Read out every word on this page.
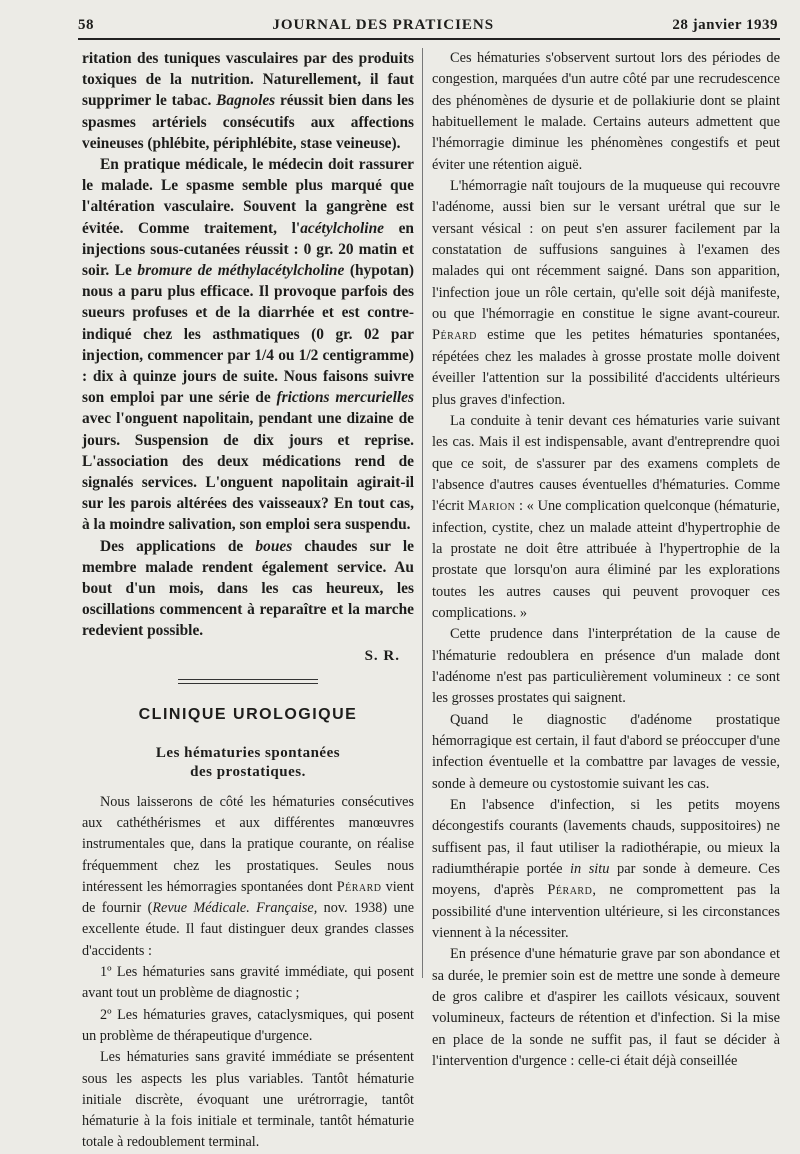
58	JOURNAL DES PRATICIENS	28 janvier 1939

ritation des tuniques vasculaires par des produits toxiques de la nutrition. Naturellement, il faut supprimer le tabac. Bagnoles réussit bien dans les spasmes artériels consécutifs aux affections veineuses (phlébite, périphlébite, stase veineuse).

En pratique médicale, le médecin doit rassurer le malade. Le spasme semble plus marqué que l'altération vasculaire. Souvent la gangrène est évitée. Comme traitement, l'acétylcholine en injections sous-cutanées réussit : 0 gr. 20 matin et soir. Le bromure de méthylacétylcholine (hypotan) nous a paru plus efficace. Il provoque parfois des sueurs profuses et de la diarrhée et est contre-indiqué chez les asthmatiques (0 gr. 02 par injection, commencer par 1/4 ou 1/2 centigramme) : dix à quinze jours de suite. Nous faisons suivre son emploi par une série de frictions mercurielles avec l'onguent napolitain, pendant une dizaine de jours. Suspension de dix jours et reprise. L'association des deux médications rend de signalés services. L'onguent napolitain agirait-il sur les parois altérées des vaisseaux? En tout cas, à la moindre salivation, son emploi sera suspendu.

Des applications de boues chaudes sur le membre malade rendent également service. Au bout d'un mois, dans les cas heureux, les oscillations commencent à reparaître et la marche redevient possible.

S. R.
CLINIQUE UROLOGIQUE
Les hématuries spontanées
des prostatiques.

Nous laisserons de côté les hématuries consécutives aux cathéthérismes et aux différentes manœuvres instrumentales que, dans la pratique courante, on réalise fréquemment chez les prostatiques. Seules nous intéressent les hémorragies spontanées dont Pérard vient de fournir (Revue Médicale. Française, nov. 1938) une excellente étude. Il faut distinguer deux grandes classes d'accidents :

1º Les hématuries sans gravité immédiate, qui posent avant tout un problème de diagnostic ;

2º Les hématuries graves, cataclysmiques, qui posent un problème de thérapeutique d'urgence.

Les hématuries sans gravité immédiate se présentent sous les aspects les plus variables. Tantôt hématurie initiale discrète, évoquant une urétrorragie, tantôt hématurie à la fois initiale et terminale, tantôt hématurie totale à redoublement terminal.

Ces hématuries s'observent surtout lors des périodes de congestion, marquées d'un autre côté par une recrudescence des phénomènes de dysurie et de pollakiurie dont se plaint habituellement le malade. Certains auteurs admettent que l'hémorragie diminue les phénomènes congestifs et peut éviter une rétention aiguë.

L'hémorragie naît toujours de la muqueuse qui recouvre l'adénome, aussi bien sur le versant urétral que sur le versant vésical : on peut s'en assurer facilement par la constatation de suffusions sanguines à l'examen des malades qui ont récemment saigné. Dans son apparition, l'infection joue un rôle certain, qu'elle soit déjà manifeste, ou que l'hémorragie en constitue le signe avant-coureur. Pérard estime que les petites hématuries spontanées, répétées chez les malades à grosse prostate molle doivent éveiller l'attention sur la possibilité d'accidents ultérieurs plus graves d'infection.

La conduite à tenir devant ces hématuries varie suivant les cas. Mais il est indispensable, avant d'entreprendre quoi que ce soit, de s'assurer par des examens complets de l'absence d'autres causes éventuelles d'hématuries. Comme l'écrit Marion : « Une complication quelconque (hématurie, infection, cystite, chez un malade atteint d'hypertrophie de la prostate ne doit être attribuée à l'hypertrophie de la prostate que lorsqu'on aura éliminé par les explorations toutes les autres causes qui peuvent provoquer ces complications. »

Cette prudence dans l'interprétation de la cause de l'hématurie redoublera en présence d'un malade dont l'adénome n'est pas particulièrement volumineux : ce sont les grosses prostates qui saignent.

Quand le diagnostic d'adénome prostatique hémorragique est certain, il faut d'abord se préoccuper d'une infection éventuelle et la combattre par lavages de vessie, sonde à demeure ou cystostomie suivant les cas.

En l'absence d'infection, si les petits moyens décongestifs courants (lavements chauds, suppositoires) ne suffisent pas, il faut utiliser la radiothérapie, ou mieux la radiumthérapie portée in situ par sonde à demeure. Ces moyens, d'après Pérard, ne compromettent pas la possibilité d'une intervention ultérieure, si les circonstances viennent à la nécessiter.

En présence d'une hématurie grave par son abondance et sa durée, le premier soin est de mettre une sonde à demeure de gros calibre et d'aspirer les caillots vésicaux, souvent volumineux, facteurs de rétention et d'infection. Si la mise en place de la sonde ne suffit pas, il faut se décider à l'intervention d'urgence : celle-ci était déjà conseillée
